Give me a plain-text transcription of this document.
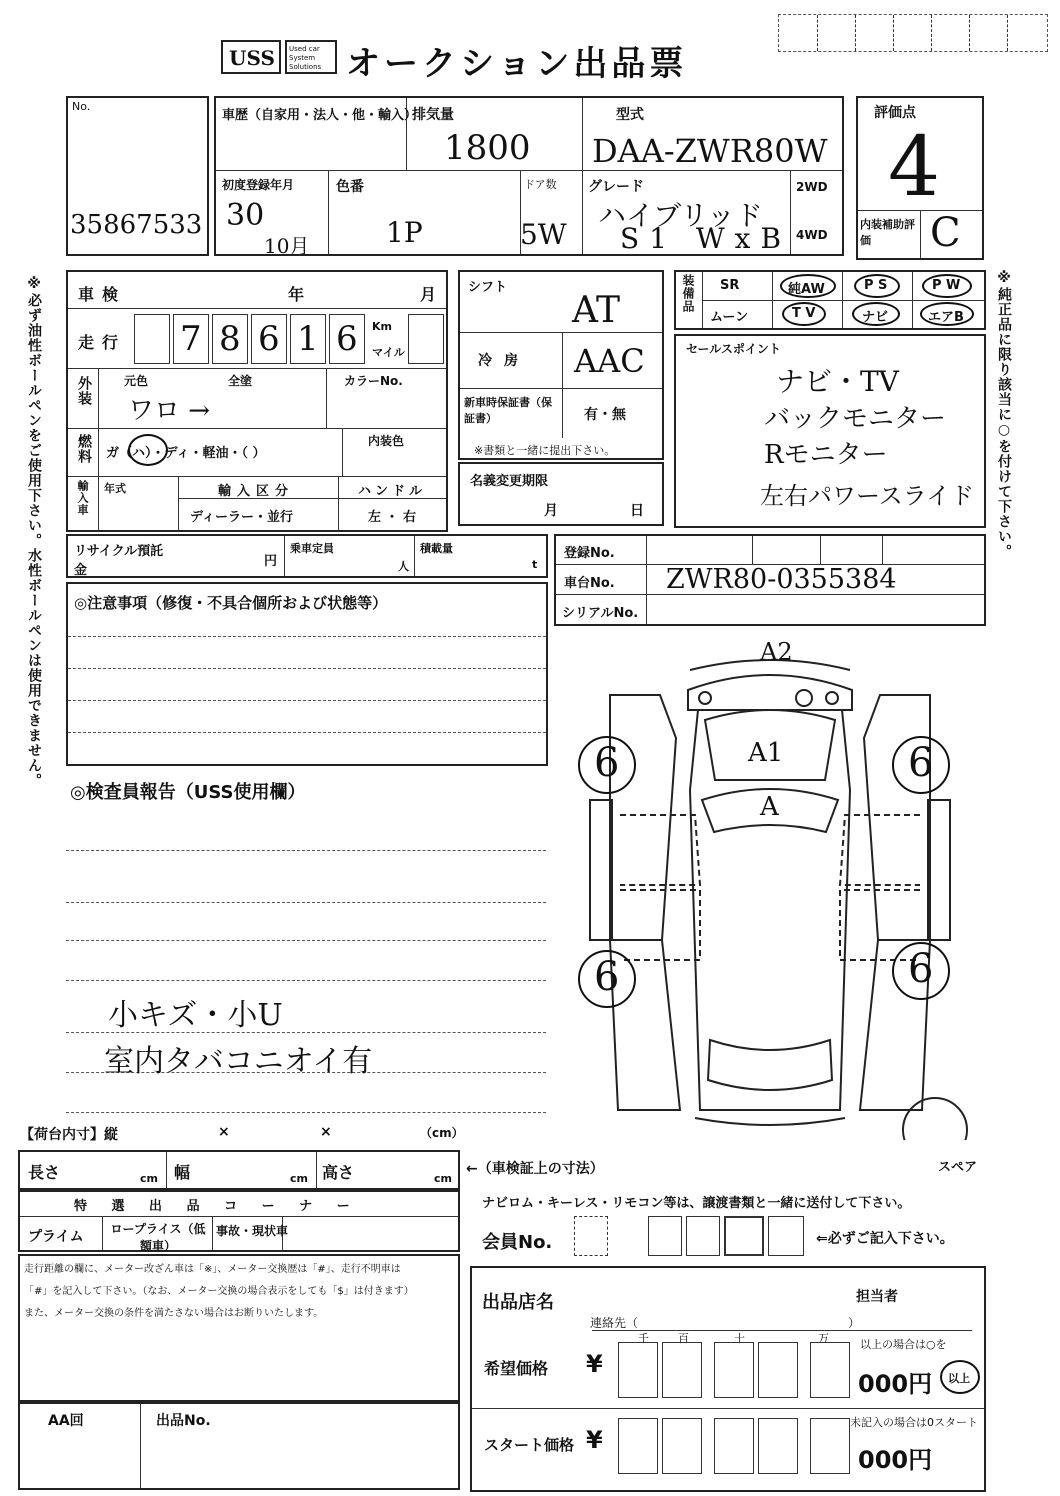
USS Used car System Solutions オークション出品票
No.
35867533
車歴（自家用・法人・他・輸入）
排気量
1800
型式
DAA-ZWR80W
初度登録年月
30
10月
色番
1P
ドア数
5W
グレード
ハイブリッド
S1 WxB
2WD
4WD
評価点
4
内装補助評価	C
※必ず油性ボールペンをご使用下さい。水性ボールペンは使用できません。 車検	年	月
走行 7 8 6 1 6 Km
マイル
外装	元色	全塗	カラーNo.
ワロ →
燃料 ガ（ハ）・ディ・軽油・（ ）
内装色
輸入車 年式	輸入区分
ディーラー・並行
ハンドル
左 ・ 右
シフト
AT
冷房 AAC
新車時保証書（保証書）	有・無
※書類と一緒に提出下さい。
名義変更期限
月	日
装備品 SR	純AW	P S	P W
ムーン	T V	ナビ	エアB ※純正品に限り該当に○を付けて下さい。
セールスポイント
ナビ・TV
バックモニター
Rモニター
左右パワースライド
リサイクル預託金
円
乗車定員
人
積載量
t
登録No.
車台No. ZWR80-0355384
シリアルNo.
◎注意事項（修復・不具合個所および状態等）
◎検査員報告（USS使用欄）
小キズ・小U
室内タバコニオイ有
A2
A1
A
6	6
6	6
【荷台内寸】縦	×	×	（cm）
長さ	cm 幅	cm 高さ	cm
←（車検証上の寸法）	スペア
特 選 出 品 コ ー ナ ー
プライム ロープライス（低額車）
事故・現状車
走行距離の欄に、メーター改ざん車は「※」、メーター交換歴は「#」、走行不明車は
「#」を記入して下さい。（なお、メーター交換の場合表示をしても「$」は付きます）
また、メーター交換の条件を満たさない場合はお断りいたします。
AA回	出品No.
ナビロム・キーレス・リモコン等は、譲渡書類と一緒に送付して下さい。
会員No.	⇐必ずご記入下さい。
出品店名
連絡先（	）
担当者
千	百	十	万
希望価格 ¥
以上の場合は○を
000円 以上
スタート価格 ¥
未記入の場合は0スタート
000円
